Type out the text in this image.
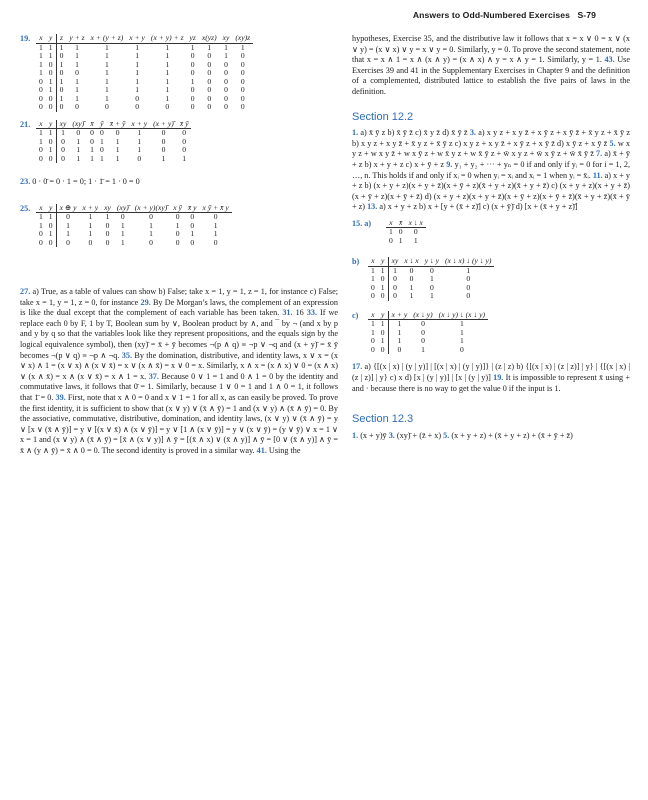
Answers to Odd-Numbered Exercises S-79
19.	x	y	z	y + z	x + (y + z)	x + y	(x + y) + z	yz	x(yz)	xy	(xy)z
1	1	1	1	1	1	1	1	1	1	1
1	1	0	1	1	1	1	0	0	1	0
1	0	1	1	1	1	1	0	0	0	0
1	0	0	0	1	1	1	0	0	0	0
0	1	1	1	1	1	1	1	0	0	0
0	1	0	1	1	1	1	0	0	0	0
0	0	1	1	1	0	1	0	0	0	0
0	0	0	0	0	0	0	0	0	0	0
21.	x	y	xy	(xy)̄	x̄	ȳ	x̄ + ȳ	x + y	(x + y)̄	x̄ ȳ
1	1	1	0	0	0	0	1	0	0
1	0	0	1	0	1	1	1	0	0
0	1	0	1	1	0	1	1	0	0
0	0	0	1	1	1	1	0	1	1
23. 0 · 0̄ = 0 · 1 = 0; 1 · 1̄ = 1 · 0 = 0
25.	x	y	x ⊕ y	x + y	xy	(xy)̄	(x + y)(xy)̄	x ȳ	x̄ y	x ȳ + x̄ y
1	1	0	1	1	0	0	0	0	0
1	0	1	1	0	1	1	1	0	1
0	1	1	1	0	1	1	0	1	1
0	0	0	0	0	1	0	0	0	0

27. a) True, as a table of values can show b) False; take x = 1, y = 1, z = 1, for instance c) False; take x = 1, y = 1, z = 0, for instance 29. By De Morgan’s laws, the complement of an expression is like the dual except that the complement of each variable has been taken. 31. 16 33. If we replace each 0 by F, 1 by T, Boolean sum by ∨, Boolean product by ∧, and ¯ by ¬ (and x by p and y by q so that the variables look like they represent propositions, and the equals sign by the logical equivalence symbol), then (xy)̄ = x̄ + ȳ becomes ¬(p ∧ q) ≡ ¬p ∨ ¬q and (x + y)̄ = x̄ ȳ becomes ¬(p ∨ q) ≡ ¬p ∧ ¬q. 35. By the domination, distributive, and identity laws, x ∨ x = (x ∨ x) ∧ 1 = (x ∨ x) ∧ (x ∨ x̄) = x ∨ (x ∧ x̄) = x ∨ 0 = x. Similarly, x ∧ x = (x ∧ x) ∨ 0 = (x ∧ x) ∨ (x ∧ x̄) = x ∧ (x ∨ x̄) = x ∧ 1 = x. 37. Because 0 ∨ 1 = 1 and 0 ∧ 1 = 0 by the identity and commutative laws, it follows that 0̄ = 1. Similarly, because 1 ∨ 0 = 1 and 1 ∧ 0 = 1, it follows that 1̄ = 0. 39. First, note that x ∧ 0 = 0 and x ∨ 1 = 1 for all x, as can easily be proved. To prove the first identity, it is sufficient to show that (x ∨ y) ∨ (x̄ ∧ ȳ) = 1 and (x ∨ y) ∧ (x̄ ∧ ȳ) = 0. By the associative, commutative, distributive, domination, and identity laws, (x ∨ y) ∨ (x̄ ∧ ȳ) = y ∨ [x ∨ (x̄ ∧ ȳ)] = y ∨ [(x ∨ x̄) ∧ (x ∨ ȳ)] = y ∨ [1 ∧ (x ∨ ȳ)] = y ∨ (x ∨ ȳ) = (y ∨ ȳ) ∨ x = 1 ∨ x = 1 and (x ∨ y) ∧ (x̄ ∧ ȳ) = [x̄ ∧ (x ∨ y)] ∧ ȳ = [(x̄ ∧ x) ∨ (x̄ ∧ y)] ∧ ȳ = [0 ∨ (x̄ ∧ y)] ∧ ȳ = x̄ ∧ (y ∧ ȳ) = x̄ ∧ 0 = 0. The second identity is proved in a similar way. 41. Using the

hypotheses, Exercise 35, and the distributive law it follows that x = x ∨ 0 = x ∨ (x ∨ y) = (x ∨ x) ∨ y = x ∨ y = 0. Similarly, y = 0. To prove the second statement, note that x = x ∧ 1 = x ∧ (x ∧ y) = (x ∧ x) ∧ y = x ∧ y = 1. Similarly, y = 1. 43. Use Exercises 39 and 41 in the Supplementary Exercises in Chapter 9 and the definition of a complemented, distributed lattice to establish the five pairs of laws in the definition.

Section 12.2

1. a) x̄ ȳ z b) x̄ ȳ z̄ c) x̄ y z̄ d) x̄ ȳ z̄ 3. a) x y z + x y z̄ + x ȳ z + x ȳ z̄ + x̄ y z + x̄ ȳ z b) x y z + x y z̄ + x̄ y z + x̄ ȳ z c) x y z + x y z̄ + x ȳ z + x ȳ z̄ d) x ȳ z + x ȳ z̄ 5. w x y z + w x y z̄ + w x ȳ z + w x̄ y z + w x̄ ȳ z + w̄ x y z + w̄ x ȳ z + w̄ x̄ ȳ z̄ 7. a) x̄ + ȳ + z b) x + y + z c) x + ȳ + z 9. y₁ + y₂ + ··· + yₙ = 0 if and only if yᵢ = 0 for i = 1, 2, …, n. This holds if and only if xᵢ = 0 when yᵢ = xᵢ and xᵢ = 1 when yᵢ = x̄ᵢ. 11. a) x + y + z b) (x + y + z)(x + y + z̄)(x + ȳ + z)(x̄ + y + z)(x̄ + y + z̄) c) (x + y + z)(x + y + z̄)(x + ȳ + z)(x + ȳ + z̄) d) (x + y + z)(x + y + z̄)(x + ȳ + z)(x + ȳ + z̄)(x̄ + y + z̄)(x̄ + ȳ + z) 13. a) x + y + z b) x + [y + (x̄ + z)̄] c) (x + ȳ)̄ d) [x + (x̄ + y + z)̄]

15. a)	x	x̄	x ↓ x
1	0	0
0	1	1
b)	x	y	xy	x ↓ x	y ↓ y	(x ↓ x) ↓ (y ↓ y)
1	1	1	0	0	1
1	0	0	0	1	0
0	1	0	1	0	0
0	0	0	1	1	0
c)	x	y	x + y	(x ↓ y)	(x ↓ y) ↓ (x ↓ y)
1	1	1	0	1
1	0	1	0	1
0	1	1	0	1
0	0	0	1	0

17. a) {[(x | x) | (y | y)] | [(x | x) | (y | y)]} | (z | z) b) {[(x | x) | (z | z)] | y} | {[(x | x) | (z | z)] | y} c) x d) [x | (y | y)] | [x | (y | y)] 19. It is impossible to represent x̄ using + and · because there is no way to get the value 0 if the input is 1.

Section 12.3

1. (x + y)ȳ 3. (xy)̄ + (z̄ + x) 5. (x + y + z) + (x̄ + y + z) + (x̄ + ȳ + z̄)
